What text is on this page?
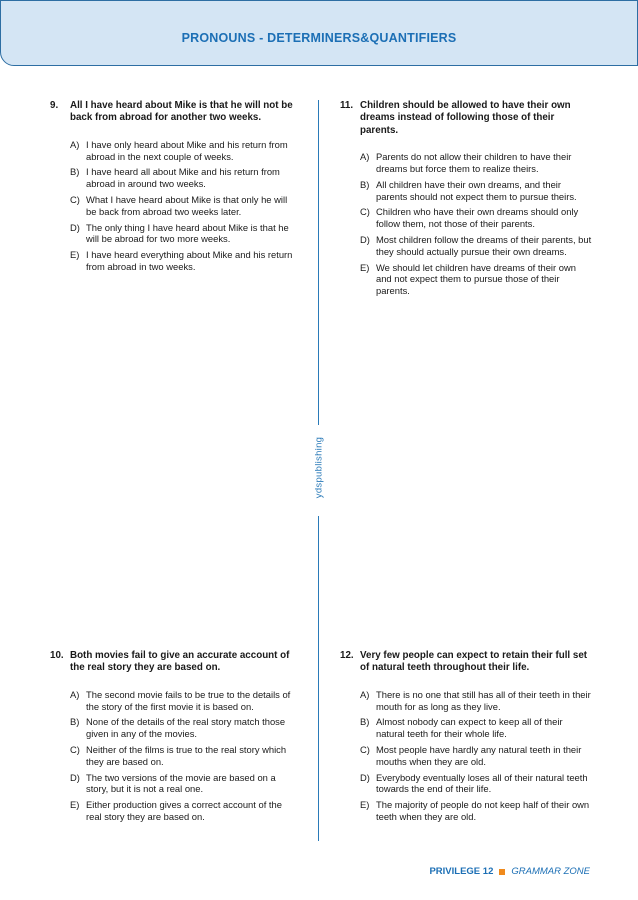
PRONOUNS - DETERMINERS&QUANTIFIERS
ydspublishing
9.	All I have heard about Mike is that he will not be back from abroad for another two weeks.
A) I have only heard about Mike and his return from abroad in the next couple of weeks.
B) I have heard all about Mike and his return from abroad in around two weeks.
C) What I have heard about Mike is that only he will be back from abroad two weeks later.
D) The only thing I have heard about Mike is that he will be abroad for two more weeks.
E) I have heard everything about Mike and his return from abroad in two weeks.
11. Children should be allowed to have their own dreams instead of following those of their parents.
A) Parents do not allow their children to have their dreams but force them to realize theirs.
B) All children have their own dreams, and their parents should not expect them to pursue theirs.
C) Children who have their own dreams should only follow them, not those of their parents.
D) Most children follow the dreams of their parents, but they should actually pursue their own dreams.
E) We should let children have dreams of their own and not expect them to pursue those of their parents.
10. Both movies fail to give an accurate account of the real story they are based on.
A) The second movie fails to be true to the details of the story of the first movie it is based on.
B) None of the details of the real story match those given in any of the movies.
C) Neither of the films is true to the real story which they are based on.
D) The two versions of the movie are based on a story, but it is not a real one.
E) Either production gives a correct account of the real story they are based on.
12. Very few people can expect to retain their full set of natural teeth throughout their life.
A) There is no one that still has all of their teeth in their mouth for as long as they live.
B) Almost nobody can expect to keep all of their natural teeth for their whole life.
C) Most people have hardly any natural teeth in their mouths when they are old.
D) Everybody eventually loses all of their natural teeth towards the end of their life.
E) The majority of people do not keep half of their own teeth when they are old.
PRIVILEGE 12 GRAMMAR ZONE
